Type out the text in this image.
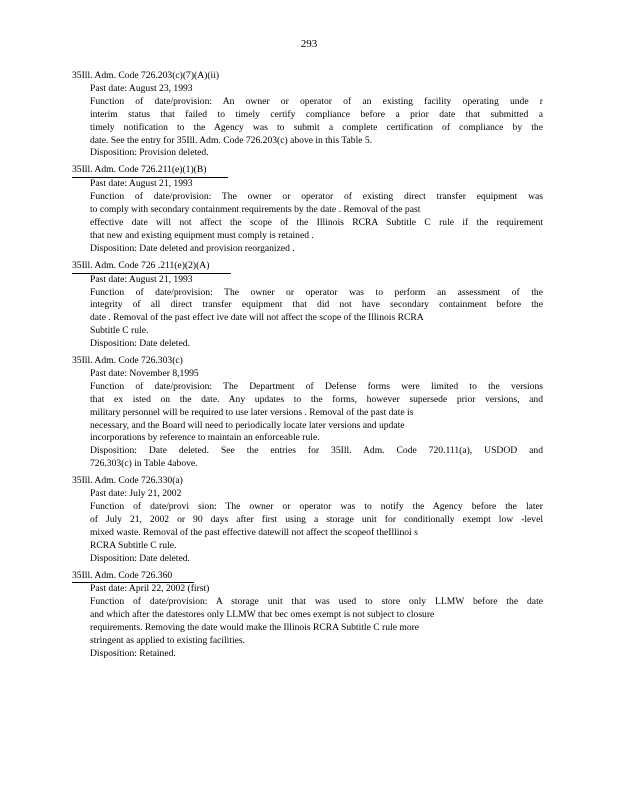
293
35Ill. Adm. Code 726.203(c)(7)(A)(ii)
Past date: August 23, 1993
Function of date/provision: An owner or operator of an existing facility operating unde r
interim status that failed to timely certify compliance before a prior date that submitted a
timely notification to the Agency was to submit a complete certification of compliance by the
date. See the entry for 35Ill. Adm. Code 726.203(c) above in this Table 5.
Disposition: Provision deleted.
35Ill. Adm. Code 726.211(e)(1)(B)
Past date: August 21, 1993
Function of date/provision: The owner or operator of existing direct transfer equipment was
to comply with secondary containment requirements by the date . Removal of the past
effective date will not affect the scope of the Illinois RCRA Subtitle C rule if the requirement
that new and existing equipment must comply is retained .
Disposition: Date deleted and provision reorganized .
35Ill. Adm. Code 726 .211(e)(2)(A)
Past date: August 21, 1993
Function of date/provision: The owner or operator was to perform an assessment of the
integrity of all direct transfer equipment that did not have secondary containment before the
date . Removal of the past effect ive date will not affect the scope of the Illinois RCRA
Subtitle C rule.
Disposition: Date deleted.
35Ill. Adm. Code 726.303(c)
Past date: November 8,1995
Function of date/provision: The Department of Defense forms were limited to the versions
that ex isted on the date. Any updates to the forms, however supersede prior versions, and
military personnel will be required to use later versions . Removal of the past date is
necessary, and the Board will need to periodically locate later versions and update
incorporations by reference to maintain an enforceable rule.
Disposition: Date deleted. See the entries for 35Ill. Adm. Code 720.111(a), USDOD and
726.303(c) in Table 4above.
35Ill. Adm. Code 726.330(a)
Past date: July 21, 2002
Function of date/provi sion: The owner or operator was to notify the Agency before the later
of July 21, 2002 or 90 days after first using a storage unit for conditionally exempt low -level
mixed waste. Removal of the past effective datewill not affect the scopeof theIllinoi s
RCRA Subtitle C rule.
Disposition: Date deleted.
35Ill. Adm. Code 726.360
Past date: April 22, 2002 (first)
Function of date/provision: A storage unit that was used to store only LLMW before the date
and which after the datestores only LLMW that bec omes exempt is not subject to closure
requirements. Removing the date would make the Illinois RCRA Subtitle C rule more
stringent as applied to existing facilities.
Disposition: Retained.
